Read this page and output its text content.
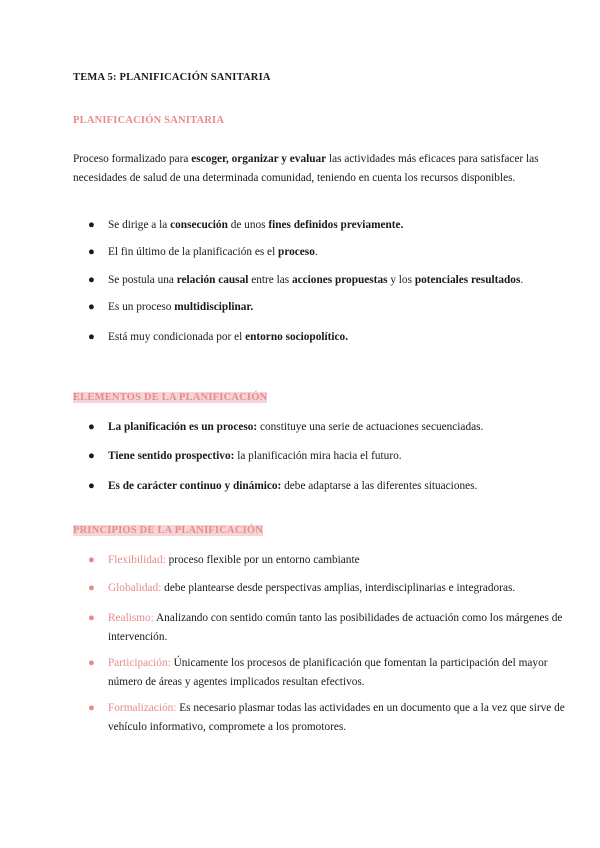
TEMA 5: PLANIFICACIÓN SANITARIA
PLANIFICACIÓN SANITARIA
Proceso formalizado para escoger, organizar y evaluar las actividades más eficaces para satisfacer las necesidades de salud de una determinada comunidad, teniendo en cuenta los recursos disponibles.
● Se dirige a la consecución de unos fines definidos previamente.
● El fin último de la planificación es el proceso.
● Se postula una relación causal entre las acciones propuestas y los potenciales resultados.
● Es un proceso multidisciplinar.
● Está muy condicionada por el entorno sociopolítico.
ELEMENTOS DE LA PLANIFICACIÓN
● La planificación es un proceso: constituye una serie de actuaciones secuenciadas.
● Tiene sentido prospectivo: la planificación mira hacia el futuro.
● Es de carácter continuo y dinámico: debe adaptarse a las diferentes situaciones.
PRINCIPIOS DE LA PLANIFICACIÓN
● Flexibilidad: proceso flexible por un entorno cambiante
● Globalidad: debe plantearse desde perspectivas amplias, interdisciplinarias e integradoras.
● Realismo: Analizando con sentido común tanto las posibilidades de actuación como los márgenes de intervención.
● Participación: Únicamente los procesos de planificación que fomentan la participación del mayor número de áreas y agentes implicados resultan efectivos.
● Formalización: Es necesario plasmar todas las actividades en un documento que a la vez que sirve de vehículo informativo, compromete a los promotores.
